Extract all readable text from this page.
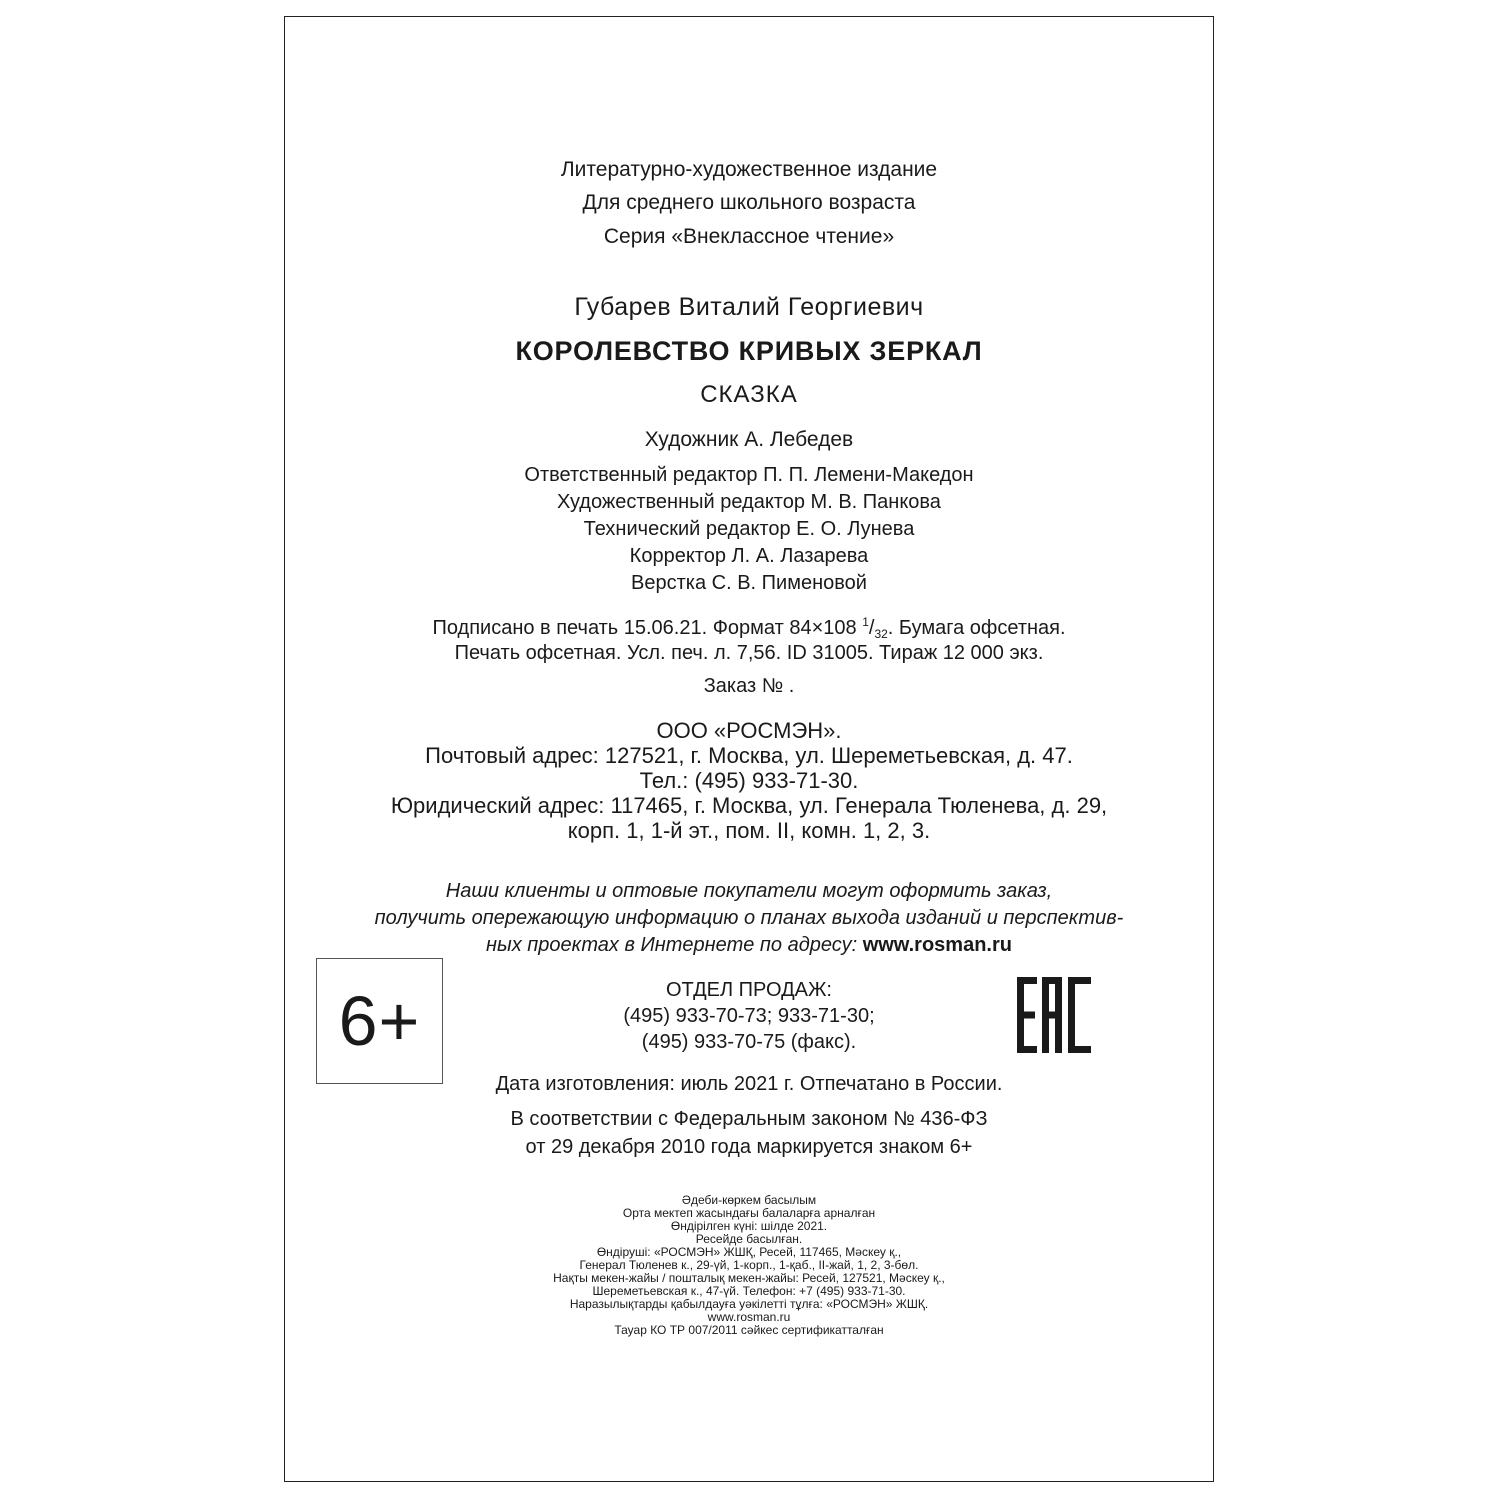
Литературно-художественное издание
Для среднего школьного возраста
Серия «Внеклассное чтение»
Губарев Виталий Георгиевич
КОРОЛЕВСТВО КРИВЫХ ЗЕРКАЛ
СКАЗКА
Художник А. Лебедев
Ответственный редактор П. П. Лемени-Македон
Художественный редактор М. В. Панкова
Технический редактор Е. О. Лунева
Корректор Л. А. Лазарева
Верстка С. В. Пименовой
Подписано в печать 15.06.21. Формат 84×108 $^1/_{32}$. Бумага офсетная.
Печать офсетная. Усл. печ. л. 7,56. ID 31005. Тираж 12 000 экз.
Заказ № .
ООО «РОСМЭН».
Почтовый адрес: 127521, г. Москва, ул. Шереметьевская, д. 47.
Тел.: (495) 933-71-30.
Юридический адрес: 117465, г. Москва, ул. Генерала Тюленева, д. 29,
корп. 1, 1-й эт., пом. II, комн. 1, 2, 3.
Наши клиенты и оптовые покупатели могут оформить заказ,
получить опережающую информацию о планах выхода изданий и перспектив-
ных проектах в Интернете по адресу: www.rosman.ru
6+	ОТДЕЛ ПРОДАЖ:
(495) 933-70-73; 933-71-30;
(495) 933-70-75 (факс).
Дата изготовления: июль 2021 г. Отпечатано в России.
В соответствии с Федеральным законом № 436-ФЗ
от 29 декабря 2010 года маркируется знаком 6+
Әдеби-көркем басылым
Орта мектеп жасындағы балаларға арналған
Өндірілген күні: шілде 2021.
Ресейде басылған.
Өндіруші: «РОСМЭН» ЖШҚ, Ресей, 117465, Мәскеу қ.,
Генерал Тюленев к., 29-үй, 1-корп., 1-қаб., II-жай, 1, 2, 3-бөл.
Нақты мекен-жайы / пошталық мекен-жайы: Ресей, 127521, Мәскеу қ.,
Шереметьевская к., 47-үй. Телефон: +7 (495) 933-71-30.
Наразылықтарды қабылдауға уәкілетті тұлға: «РОСМЭН» ЖШҚ.
www.rosman.ru
Тауар КО ТР 007/2011 сәйкес сертификатталған
